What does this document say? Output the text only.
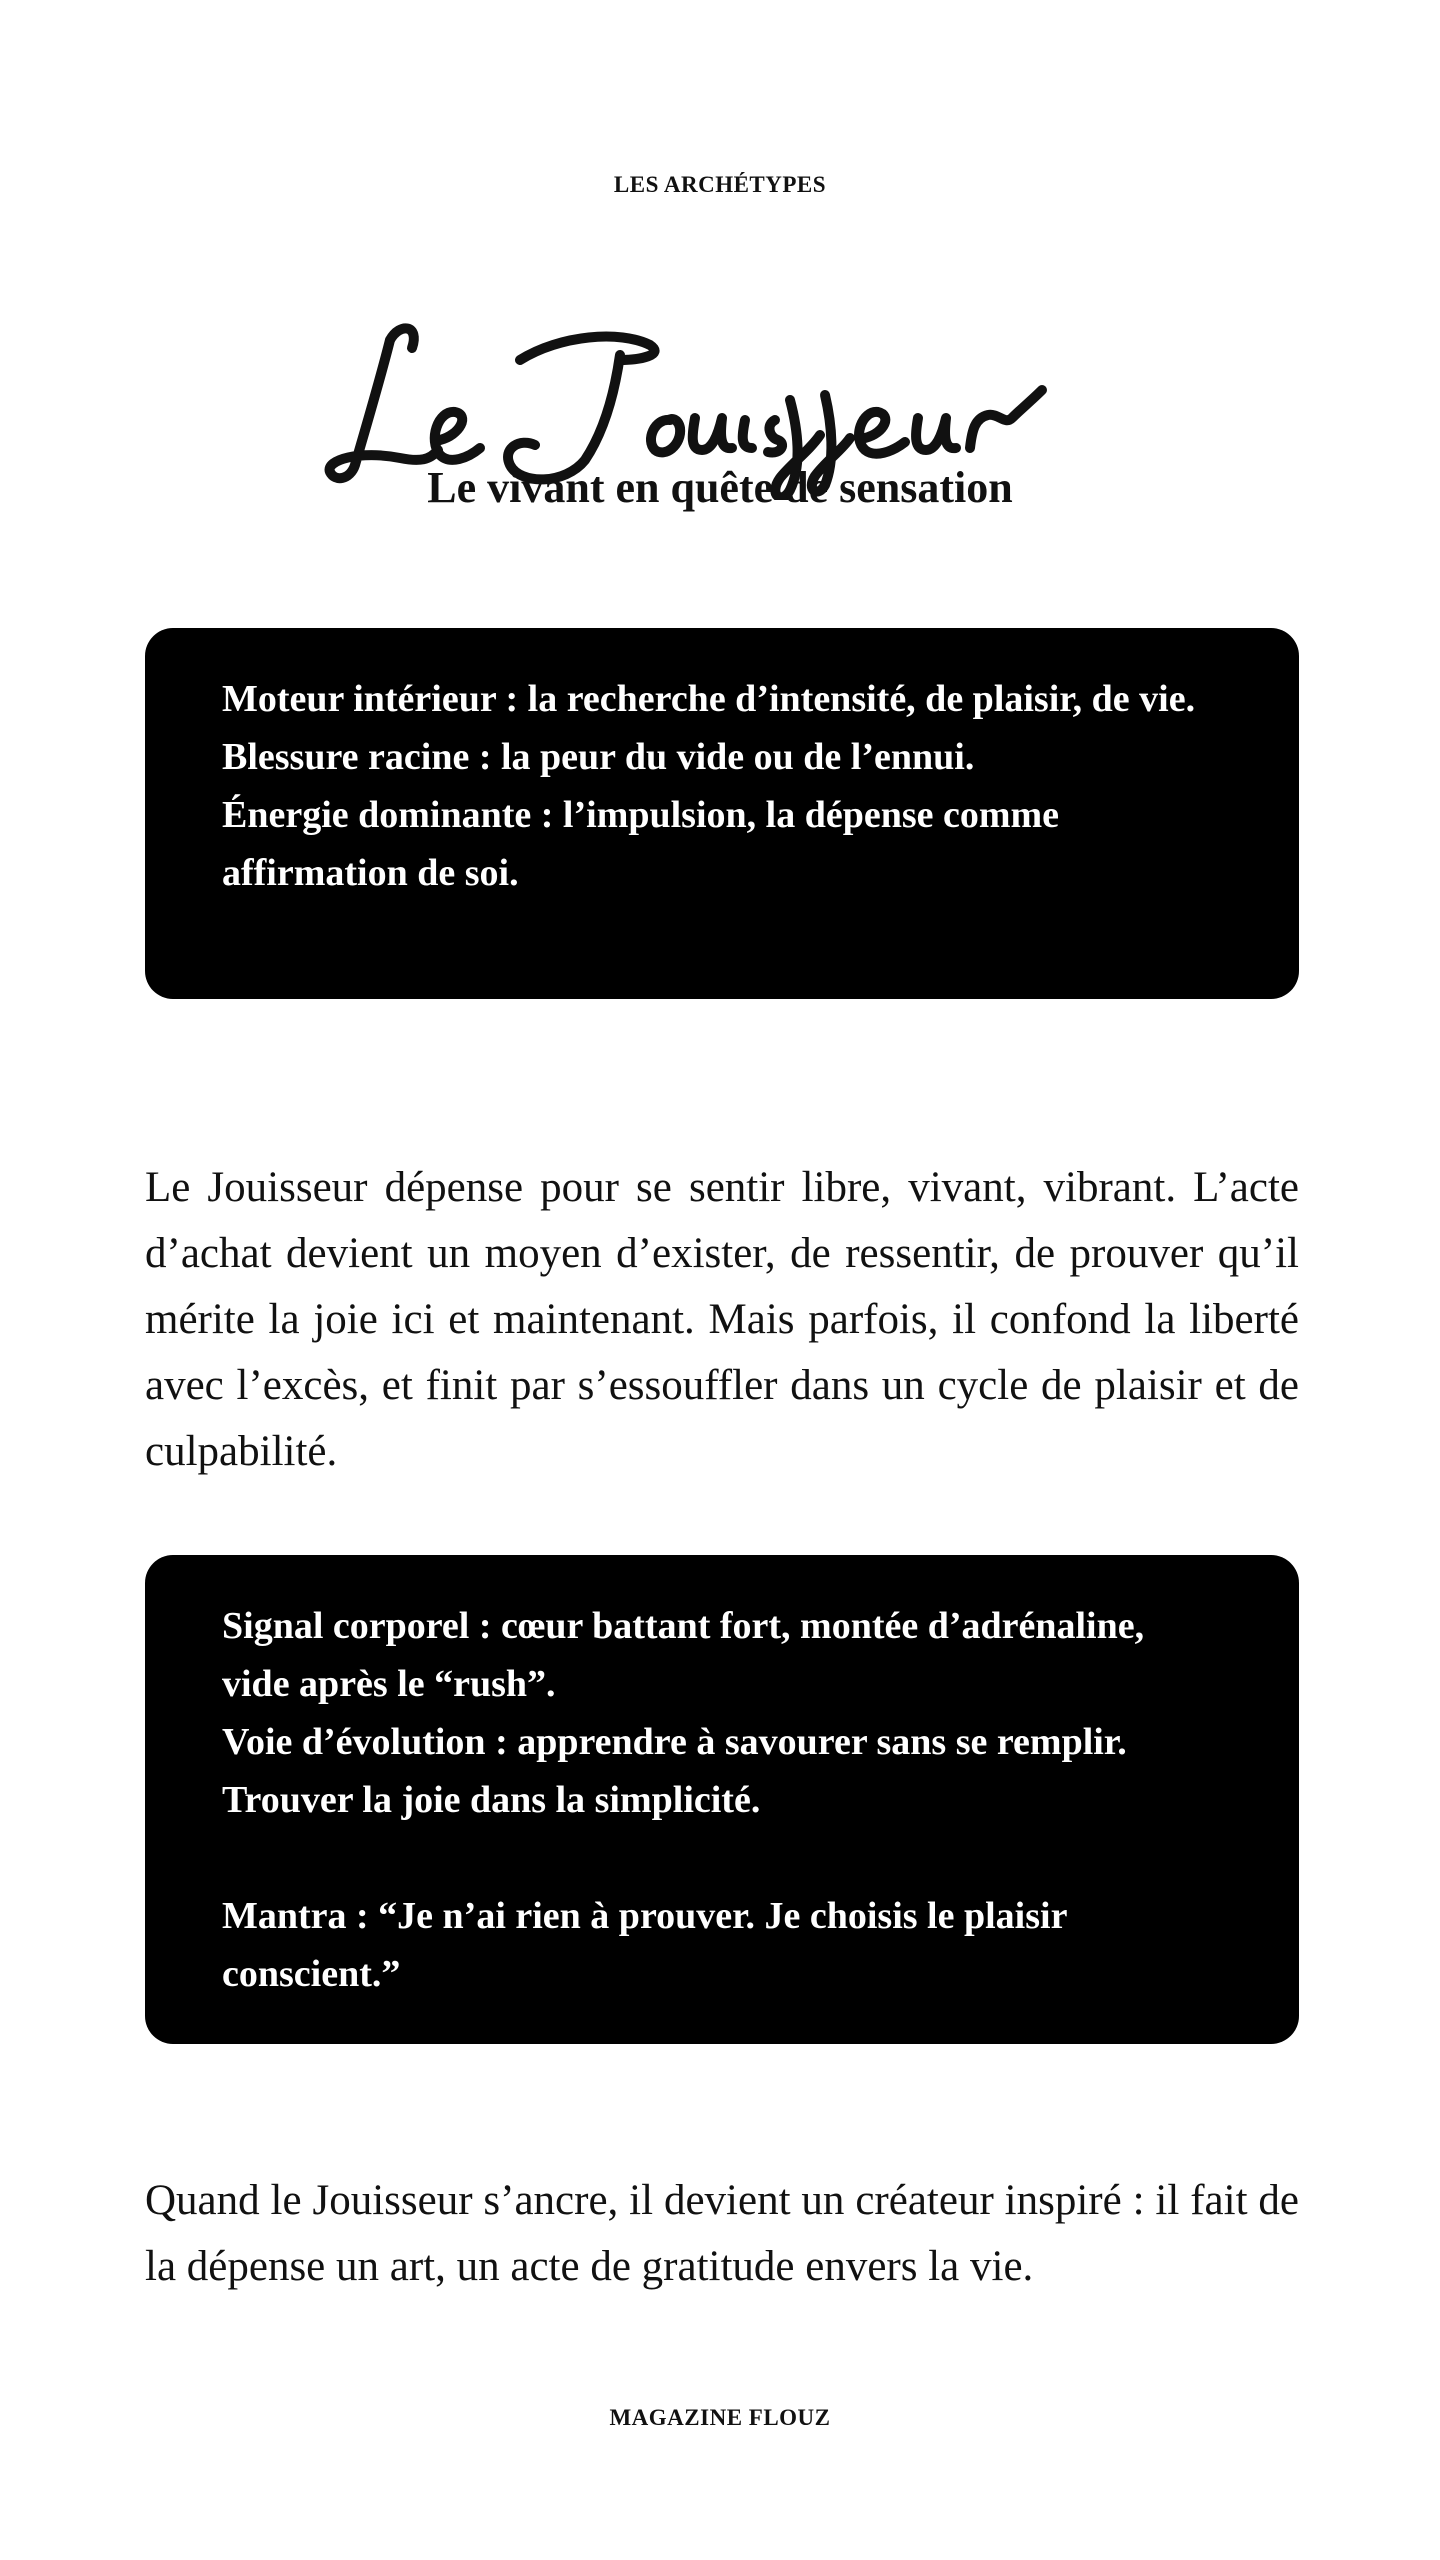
LES ARCHÉTYPES
Le vivant en quête de sensation

Moteur intérieur : la recherche d’intensité, de plaisir, de vie.

Blessure racine : la peur du vide ou de l’ennui.

Énergie dominante : l’impulsion, la dépense comme affirmation de soi.

Le Jouisseur dépense pour se sentir libre, vivant, vibrant. L’acte d’achat devient un moyen d’exister, de ressentir, de prouver qu’il mérite la joie ici et maintenant. Mais parfois, il confond la liberté avec l’excès, et finit par s’essouffler dans un cycle de plaisir et de culpabilité.

Signal corporel : cœur battant fort, montée d’adrénaline, vide après le “rush”.

Voie d’évolution : apprendre à savourer sans se remplir. Trouver la joie dans la simplicité.

Mantra : “Je n’ai rien à prouver. Je choisis le plaisir conscient.”

Quand le Jouisseur s’ancre, il devient un créateur inspiré : il fait de la dépense un art, un acte de gratitude envers la vie.

MAGAZINE FLOUZ
